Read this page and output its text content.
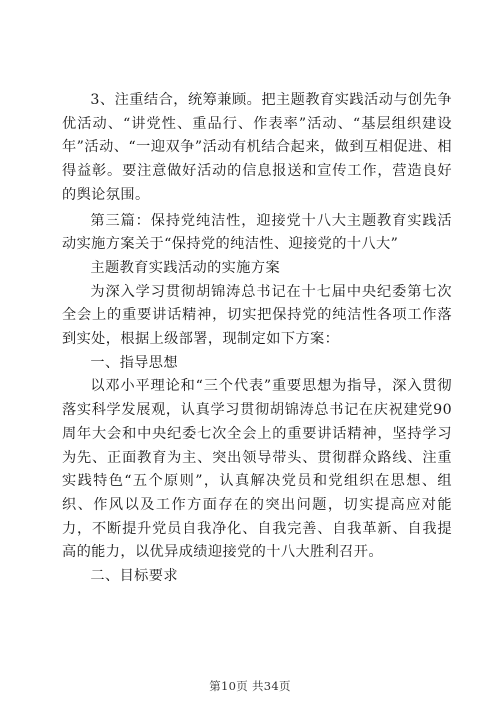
3、注重结合，统筹兼顾。把主题教育实践活动与创先争优活动、“讲党性、重品行、作表率”活动、“基层组织建设年”活动、“一迎双争”活动有机结合起来，做到互相促进、相得益彰。要注意做好活动的信息报送和宣传工作，营造良好的舆论氛围。

第三篇：保持党纯洁性，迎接党十八大主题教育实践活动实施方案关于“保持党的纯洁性、迎接党的十八大”

主题教育实践活动的实施方案

为深入学习贯彻胡锦涛总书记在十七届中央纪委第七次全会上的重要讲话精神，切实把保持党的纯洁性各项工作落到实处，根据上级部署，现制定如下方案：

一、指导思想

以邓小平理论和“三个代表”重要思想为指导，深入贯彻落实科学发展观，认真学习贯彻胡锦涛总书记在庆祝建党90周年大会和中央纪委七次全会上的重要讲话精神，坚持学习为先、正面教育为主、突出领导带头、贯彻群众路线、注重实践特色“五个原则”，认真解决党员和党组织在思想、组织、作风以及工作方面存在的突出问题，切实提高应对能力，不断提升党员自我净化、自我完善、自我革新、自我提高的能力，以优异成绩迎接党的十八大胜利召开。

二、目标要求

第10页 共34页
